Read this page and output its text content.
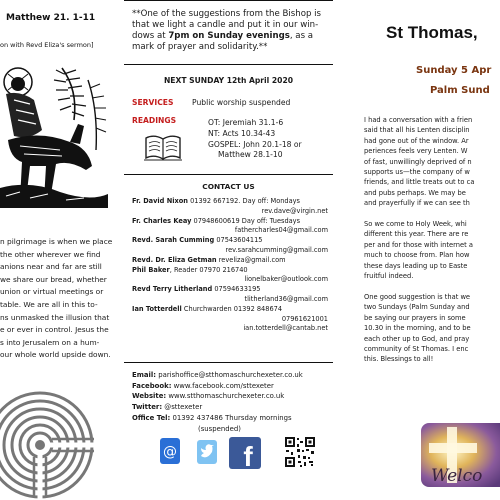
Matthew 21. 1-11
on with Revd Eliza's sermon]
n pilgrimage is when we place
the other wherever we find
anions near and far are still
we share our bread, whether
union or virtual meetings or
table. We are all in this to-
ns unmasked the illusion that
e or ever in control. Jesus the
s into Jerusalem on a hum-
our whole world upside down.
**One of the suggestions from the Bishop is
that we light a candle and put it in our win-
dows at 7pm on Sunday evenings, as a
mark of prayer and solidarity.**
NEXT SUNDAY 12th April 2020
SERVICES Public worship suspended
READINGS	OT: Jeremiah 31.1-6
NT: Acts 10.34-43
GOSPEL: John 20.1-18 or
Matthew 28.1-10
CONTACT US
Fr. David Nixon 01392 667192. Day off: Mondays
rev.dave@virgin.net
Fr. Charles Keay 07948600619 Day off: Tuesdays
fathercharles04@gmail.com
Revd. Sarah Cumming 07543604115
rev.sarahcumming@gmail.com
Revd. Dr. Eliza Getman reveliza@gmail.com
Phil Baker, Reader 07970 216740
lionelbaker@outlook.com
Revd Terry Litherland 07594633195
tlitherland36@gmail.com
Ian Totterdell Churchwarden 01392 848674
07961621001
ian.totterdell@cantab.net
Email: parishoffice@stthomaschurchexeter.co.uk
Facebook: www.facebook.com/sttexeter
Website: www.stthomaschurchexeter.co.uk
Twitter: @sttexeter
Office Tel: 01392 437486 Thursday mornings
(suspended)
@ f
St Thomas,
Sunday 5 Apr
Palm Sund
I had a conversation with a frien
said that all his Lenten disciplin
had gone out of the window. Ar
periences feels very Lenten. W
of fast, unwillingly deprived of n
supports us—the company of w
friends, and little treats out to ca
and pubs perhaps. We may be
and prayerfully if we can see th
So we come to Holy Week, whi
different this year. There are re
per and for those with internet a
much to choose from. Plan how
these days leading up to Easte
fruitful indeed.
One good suggestion is that we
two Sundays (Palm Sunday and
be saying our prayers in some
10.30 in the morning, and to be
each other up to God, and pray
community of St Thomas. I enc
this. Blessings to all!
Welco
